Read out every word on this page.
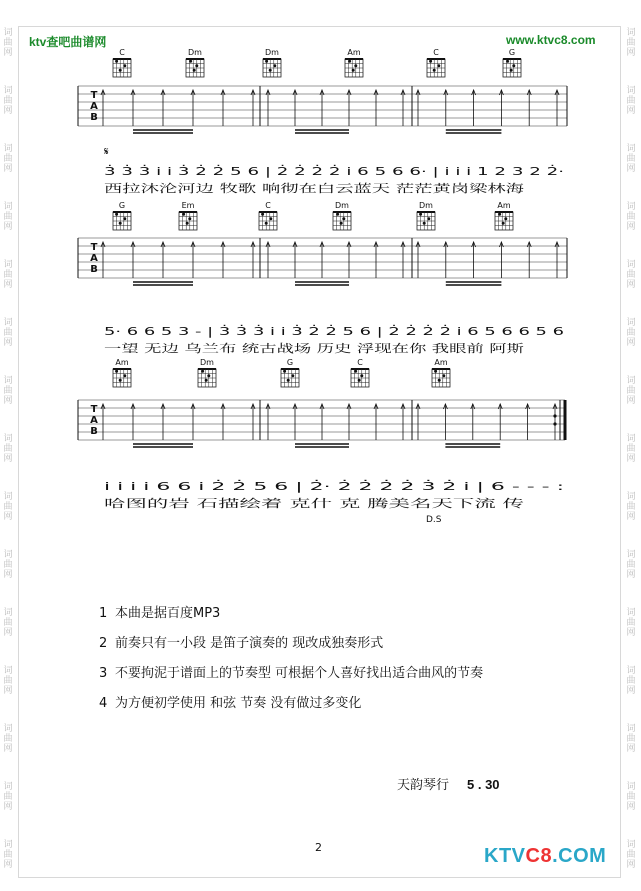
词
曲
网
词
曲
网
词
曲
网
词
曲
网
词
曲
网
词
曲
网
词
曲
网
词
曲
网
词
曲
网
词
曲
网
词
曲
网
词
曲
网
词
曲
网
词
曲
网
词
曲
网
词
曲
网
词
曲
网
词
曲
网
词
曲
网
词
曲
网
词
曲
网
词
曲
网
词
曲
网
词
曲
网
词
曲
网
词
曲
网
词
曲
网
词
曲
网
词
曲
网
词
曲
网
ktv查吧曲谱网	www.ktvc8.com
C	Dm	Dm	Am	C	G
T
A
B
𝄋
3̇ 3̇ 3̇ i i 3̇ 2̇ 2̇ 5 6 | 2̇ 2̇ 2̇ 2̇ i 6 5 6 6· | i i i 1 2 3 2 2̇·
西拉沐沦河边 牧歌 响彻在白云蓝天 茫茫黄岗梁林海
G	Em	C	Dm	Dm	Am
T
A
B
5· 6 6 5 3 - | 3̇ 3̇ 3̇ i i 3̇ 2̇ 2̇ 5 6 | 2̇ 2̇ 2̇ 2̇ i 6 5 6 6 5 6
一望 无边 乌兰布 统古战场 历史 浮现在你 我眼前 阿斯
Am	Dm	G	C	Am
T
A
B
i i i i 6 6 i 2̇ 2̇ 5 6 | 2̇· 2̇ 2̇ 2̇ 2̇ 3̇ 2̇ i | 6 - - - :
哈图的岩 石描绘着 克什 克 腾美名天下流 传
D.S
1 本曲是据百度MP3
2 前奏只有一小段 是笛子演奏的 现改成独奏形式
3 不要拘泥于谱面上的节奏型 可根据个人喜好找出适合曲风的节奏
4 为方便初学使用 和弦 节奏 没有做过多变化
天韵琴行 5 . 30
2	KTVC8.COM
